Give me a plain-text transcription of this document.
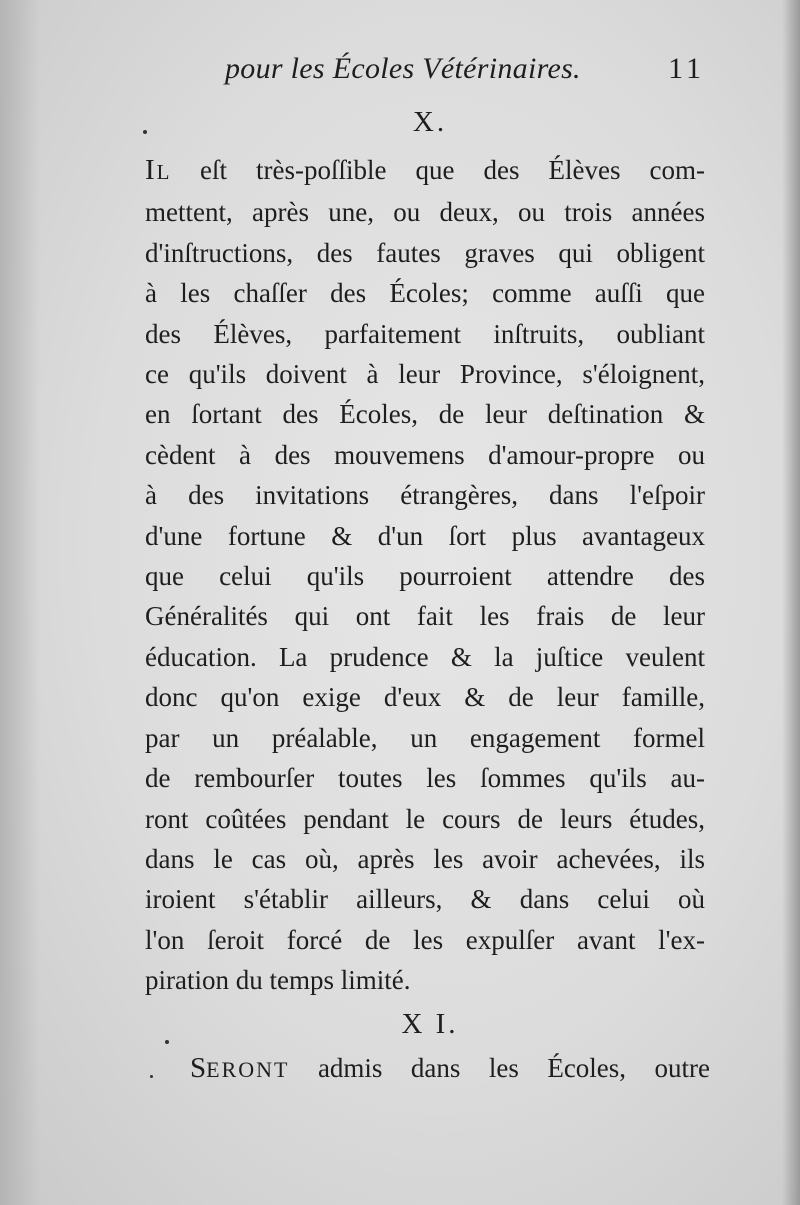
pour les Écoles Vétérinaires.	11
X.
IL eſt très-poſſible que des Élèves com-
mettent, après une, ou deux, ou trois années
d'inſtructions, des fautes graves qui obligent
à les chaſſer des Écoles; comme auſſi que
des Élèves, parfaitement inſtruits, oubliant
ce qu'ils doivent à leur Province, s'éloignent,
en ſortant des Écoles, de leur deſtination &
cèdent à des mouvemens d'amour-propre ou
à des invitations étrangères, dans l'eſpoir
d'une fortune & d'un ſort plus avantageux
que celui qu'ils pourroient attendre des
Généralités qui ont fait les frais de leur
éducation. La prudence & la juſtice veulent
donc qu'on exige d'eux & de leur famille,
par un préalable, un engagement formel
de rembourſer toutes les ſommes qu'ils au-
ront coûtées pendant le cours de leurs études,
dans le cas où, après les avoir achevées, ils
iroient s'établir ailleurs, & dans celui où
l'on ſeroit forcé de les expulſer avant l'ex-
piration du temps limité.
X I.
SERONT admis dans les Écoles, outre
